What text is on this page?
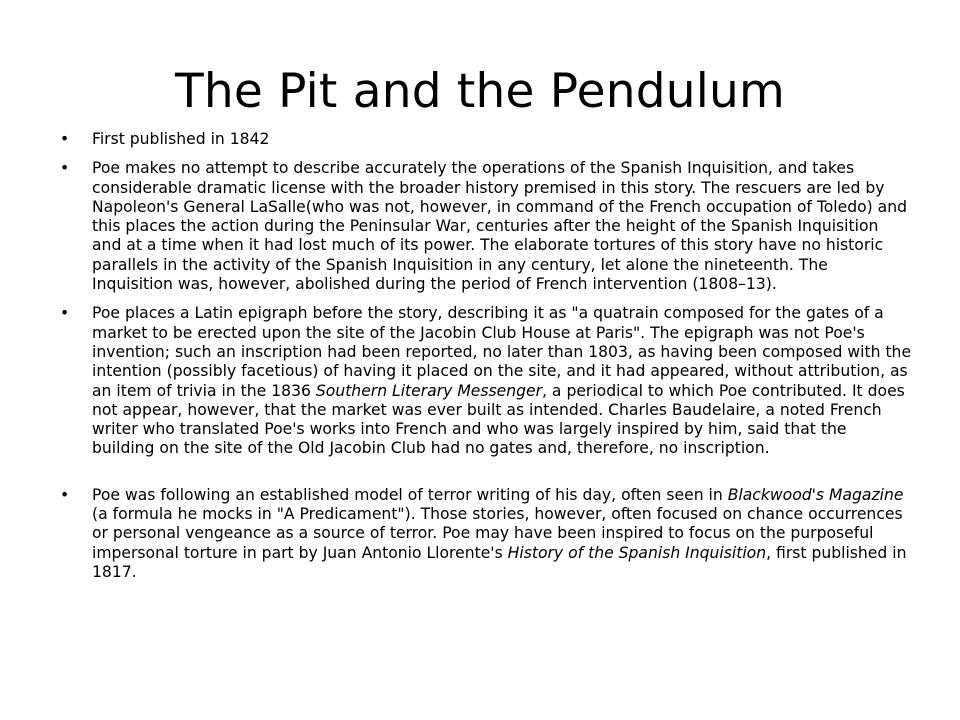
The Pit and the Pendulum
• First published in 1842
• Poe makes no attempt to describe accurately the operations of the Spanish Inquisition, and takes considerable dramatic license with the broader history premised in this story. The rescuers are led by Napoleon's General LaSalle(who was not, however, in command of the French occupation of Toledo) and this places the action during the Peninsular War, centuries after the height of the Spanish Inquisition and at a time when it had lost much of its power. The elaborate tortures of this story have no historic parallels in the activity of the Spanish Inquisition in any century, let alone the nineteenth. The Inquisition was, however, abolished during the period of French intervention (1808–13).
• Poe places a Latin epigraph before the story, describing it as "a quatrain composed for the gates of a market to be erected upon the site of the Jacobin Club House at Paris". The epigraph was not Poe's invention; such an inscription had been reported, no later than 1803, as having been composed with the intention (possibly facetious) of having it placed on the site, and it had appeared, without attribution, as an item of trivia in the 1836 Southern Literary Messenger, a periodical to which Poe contributed. It does not appear, however, that the market was ever built as intended. Charles Baudelaire, a noted French writer who translated Poe's works into French and who was largely inspired by him, said that the building on the site of the Old Jacobin Club had no gates and, therefore, no inscription.
• Poe was following an established model of terror writing of his day, often seen in Blackwood's Magazine (a formula he mocks in "A Predicament"). Those stories, however, often focused on chance occurrences or personal vengeance as a source of terror. Poe may have been inspired to focus on the purposeful impersonal torture in part by Juan Antonio Llorente's History of the Spanish Inquisition, first published in 1817.
